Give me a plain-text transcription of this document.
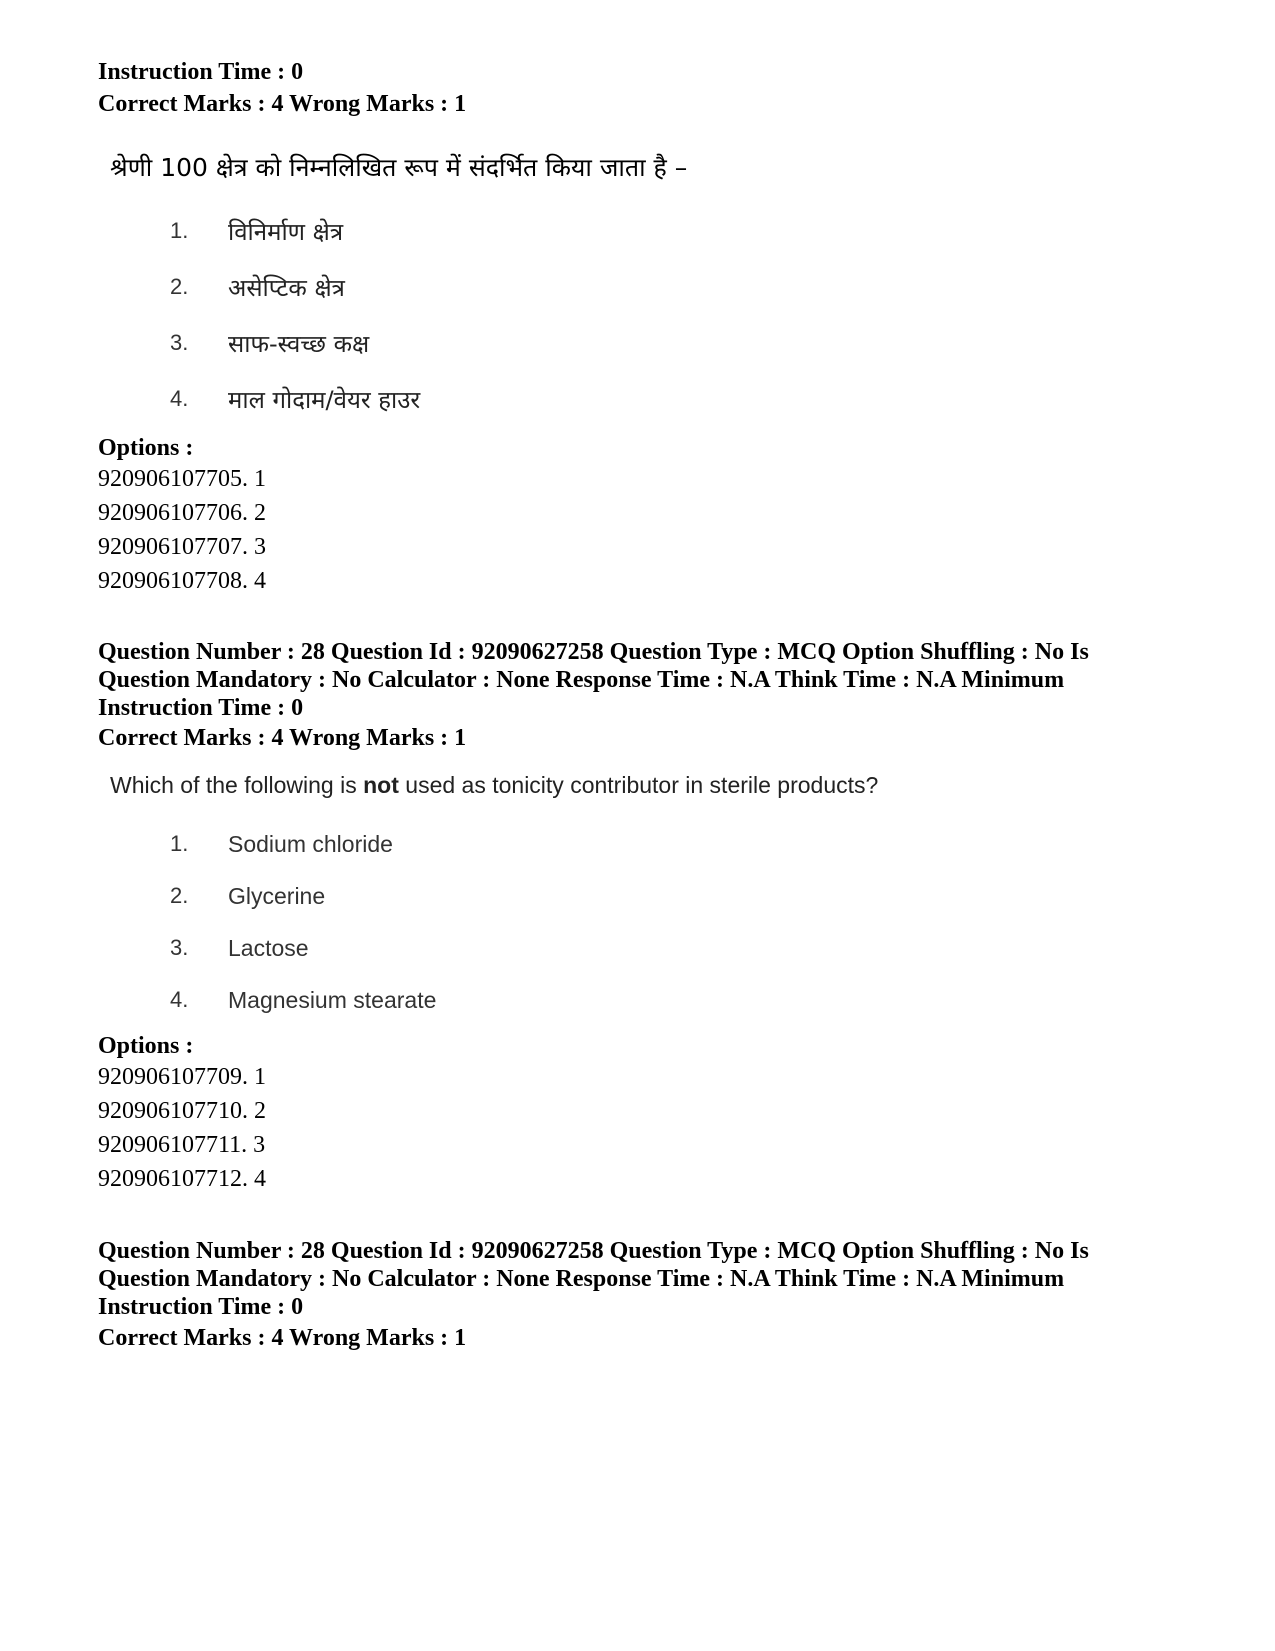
Instruction Time : 0
Correct Marks : 4 Wrong Marks : 1
श्रेणी 100 क्षेत्र को निम्नलिखित रूप में संदर्भित किया जाता है –
1.	विनिर्माण क्षेत्र
2.	असेप्टिक क्षेत्र
3.	साफ-स्वच्छ कक्ष
4.	माल गोदाम/वेयर हाउर
Options :
920906107705. 1
920906107706. 2
920906107707. 3
920906107708. 4
Question Number : 28 Question Id : 92090627258 Question Type : MCQ Option Shuffling : No Is
Question Mandatory : No Calculator : None Response Time : N.A Think Time : N.A Minimum
Instruction Time : 0
Correct Marks : 4 Wrong Marks : 1
Which of the following is not used as tonicity contributor in sterile products?
1.	Sodium chloride
2.	Glycerine
3.	Lactose
4.	Magnesium stearate
Options :
920906107709. 1
920906107710. 2
920906107711. 3
920906107712. 4
Question Number : 28 Question Id : 92090627258 Question Type : MCQ Option Shuffling : No Is
Question Mandatory : No Calculator : None Response Time : N.A Think Time : N.A Minimum
Instruction Time : 0
Correct Marks : 4 Wrong Marks : 1
